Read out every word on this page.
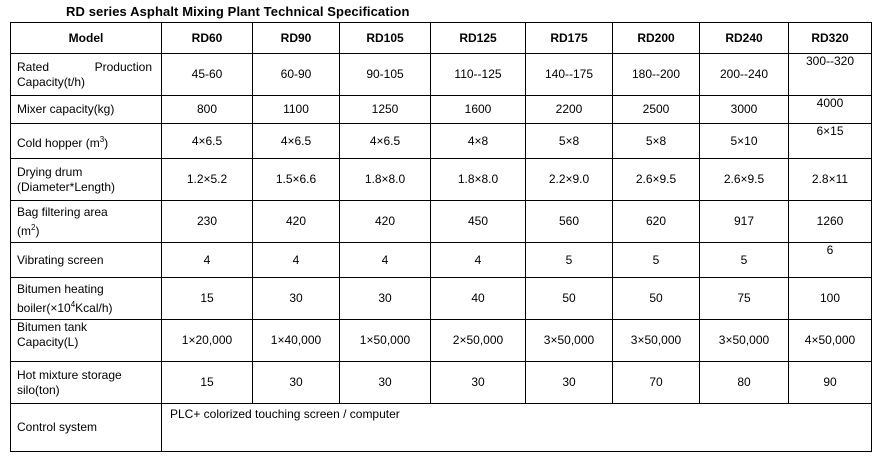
RD series Asphalt Mixing Plant Technical Specification
Model	RD60	RD90	RD105	RD125	RD175	RD200	RD240	RD320

Rated Production
Capacity(t/h)	45-60	60-90	90-105	110--125	140--175	180--200	200--240	300--320
Mixer capacity(kg)	800	1100	1250	1600	2200	2500	3000	4000
Cold hopper $(m^3)$	4×6.5	4×6.5	4×6.5	4×8	5×8	5×8	5×10	6×15

Drying drum
(Diameter*Length)	1.2×5.2	1.5×6.6	1.8×8.0	1.8×8.0	2.2×9.0	2.6×9.5	2.6×9.5	2.8×11

Bag filtering area
$(m^2)$	230	420	420	450	560	620	917	1260
Vibrating screen	4	4	4	4	5	5	5	6

Bitumen heating
$boiler(\times 10^4Kcal/h)$	15	30	30	40	50	50	75	100

Bitumen tank
Capacity(L)	1×20,000	1×40,000	1×50,000	2×50,000	3×50,000	3×50,000	3×50,000	4×50,000

Hot mixture storage
silo(ton)	15	30	30	30	30	70	80	90
Control system	PLC+ colorized touching screen / computer							
